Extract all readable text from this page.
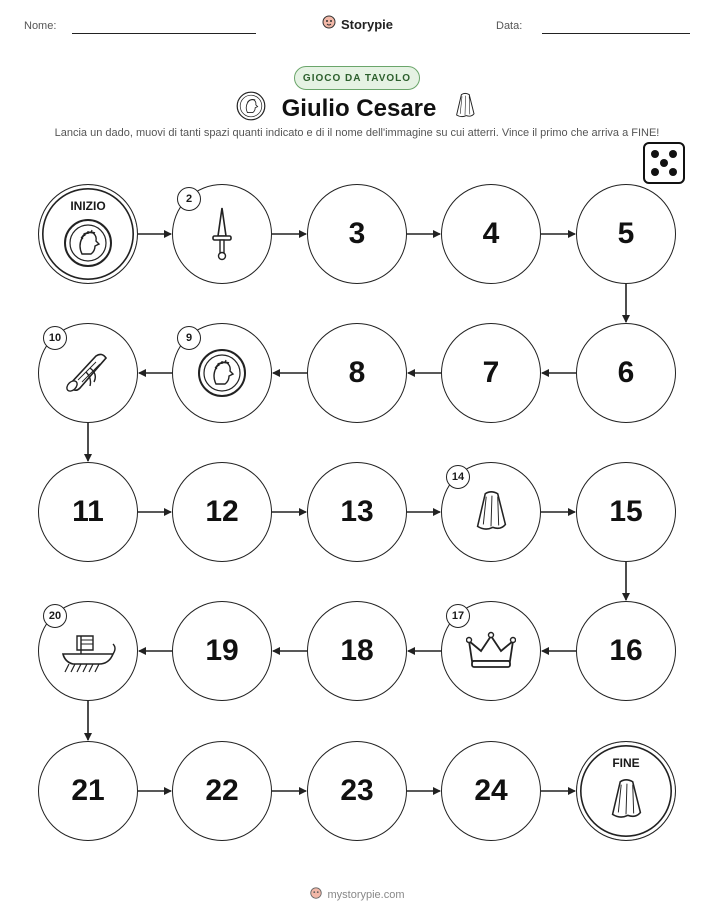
Nome:	Data:
Storypie
GIOCO DA TAVOLO
Giulio Cesare
Lancia un dado, muovi di tanti spazi quanti indicato e di il nome dell'immagine su cui atterri. Vince il primo che arriva a FINE!
INIZIO	2
3	4	5
6
7
8
9
10
11	12	13
14
15
16
17
18
19
20
21	22	23	24
FINE
mystorypie.com
